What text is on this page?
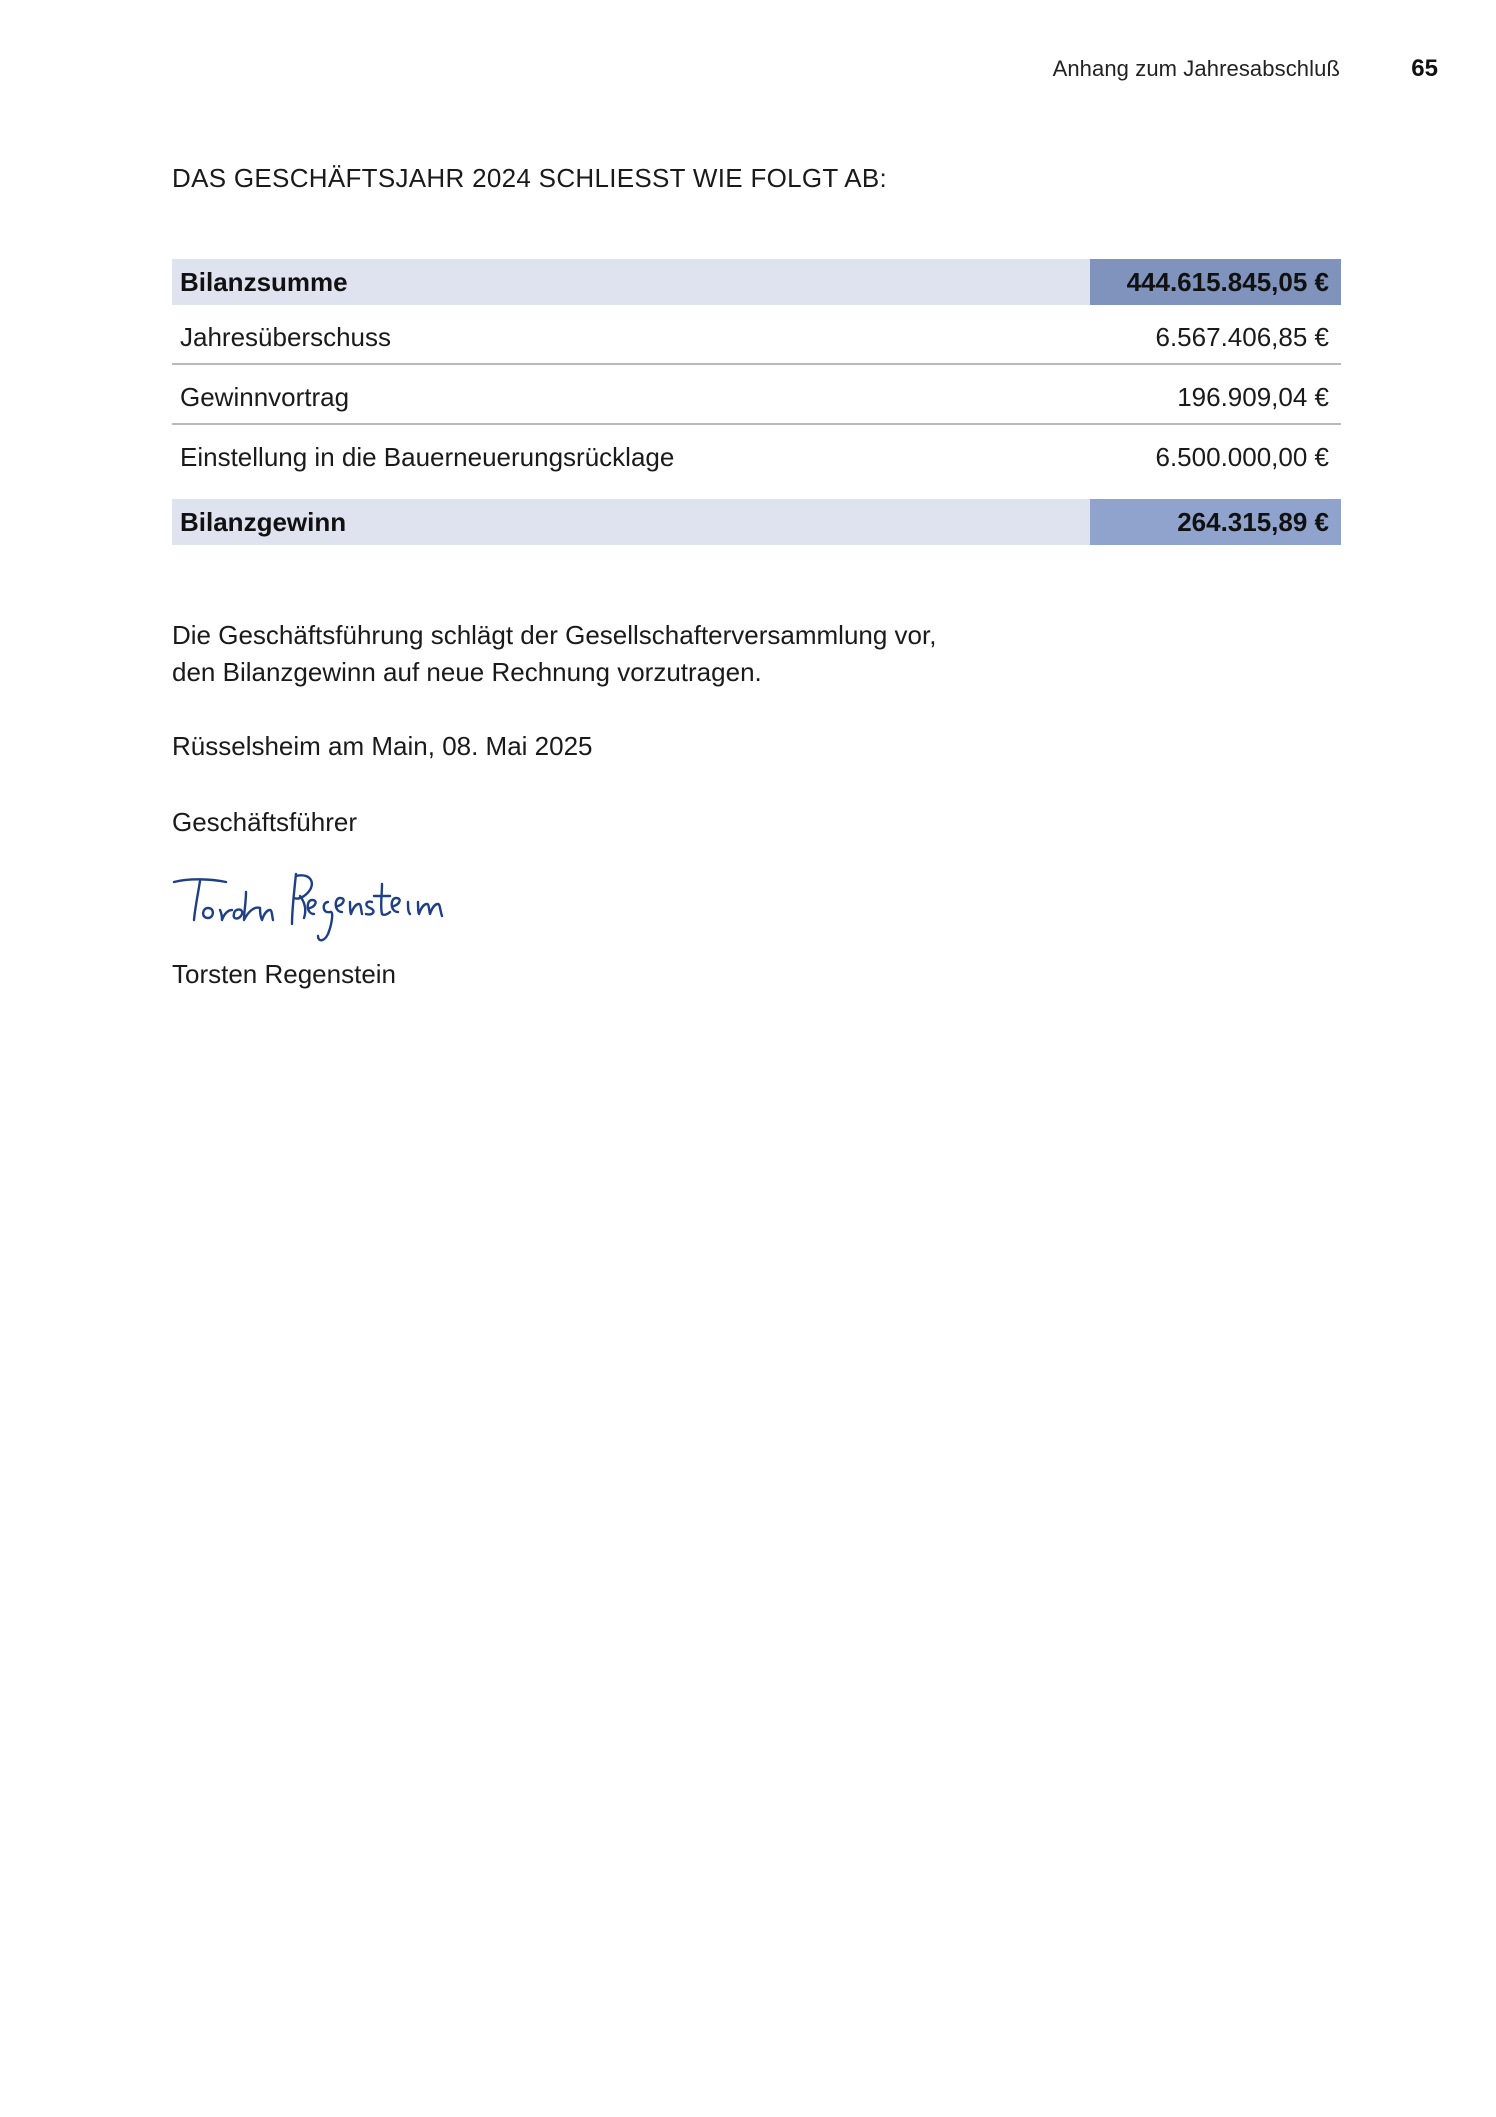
Anhang zum Jahresabschluß	65
DAS GESCHÄFTSJAHR 2024 SCHLIESST WIE FOLGT AB:
Bilanzsumme	444.615.845,05 €
Jahresüberschuss	6.567.406,85 €
Gewinnvortrag	196.909,04 €
Einstellung in die Bauerneuerungsrücklage	6.500.000,00 €
Bilanzgewinn	264.315,89 €
Die Geschäftsführung schlägt der Gesellschafterversammlung vor,
den Bilanzgewinn auf neue Rechnung vorzutragen.
Rüsselsheim am Main, 08. Mai 2025
Geschäftsführer
Torsten Regenstein
